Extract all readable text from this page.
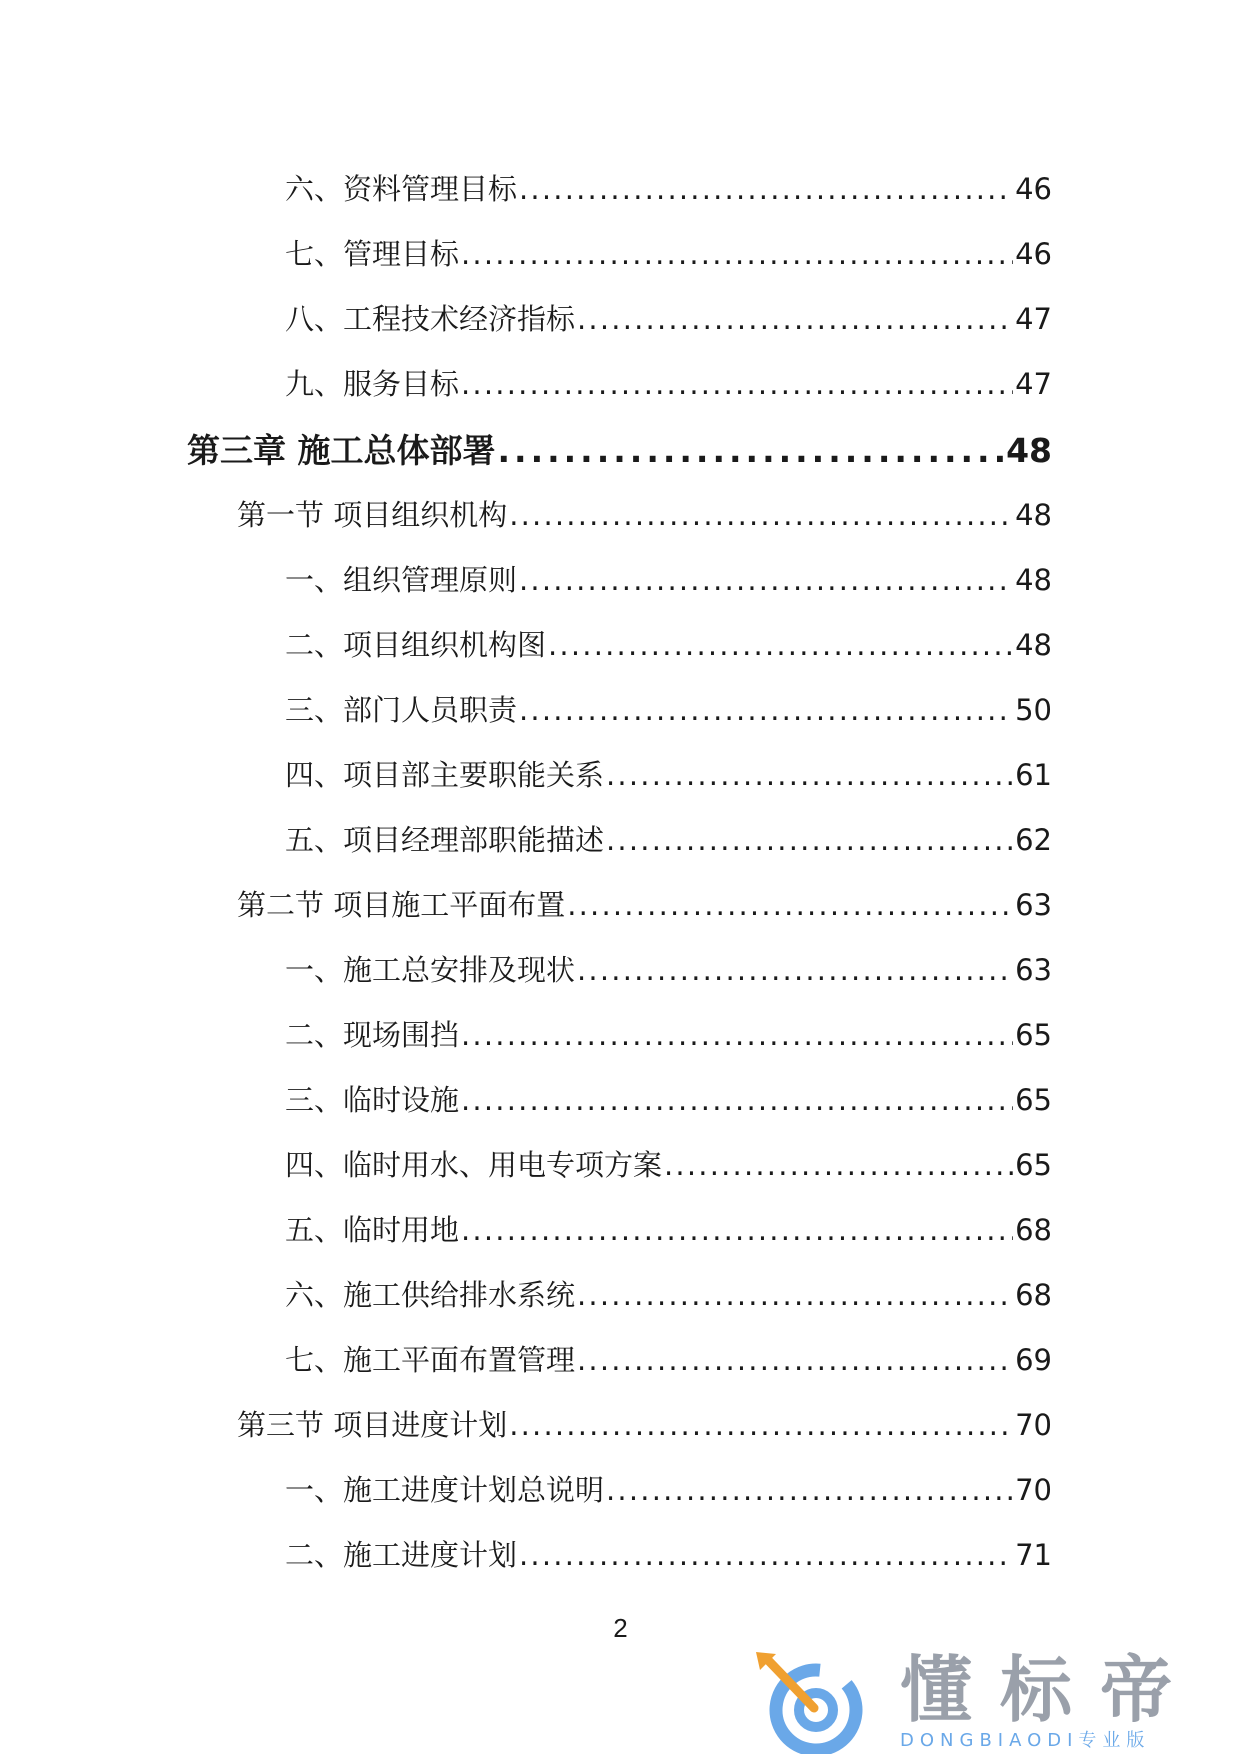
六、资料管理目标 .....	46
七、管理目标 .....	46
八、工程技术经济指标 .....	47
九、服务目标 .....	47
第三章 施工总体部署 .....	48
第一节 项目组织机构 .....	48
一、组织管理原则 .....	48
二、项目组织机构图 .....	48
三、部门人员职责 .....	50
四、项目部主要职能关系 .....	61
五、项目经理部职能描述 .....	62
第二节 项目施工平面布置 .....	63
一、施工总安排及现状 .....	63
二、现场围挡 .....	65
三、临时设施 .....	65
四、临时用水、用电专项方案 .....	65
五、临时用地 .....	68
六、施工供给排水系统 .....	68
七、施工平面布置管理 .....	69
第三节 项目进度计划 .....	70
一、施工进度计划总说明 .....	70
二、施工进度计划 .....	71
2
懂标帝
DONGBIAODI专业版
